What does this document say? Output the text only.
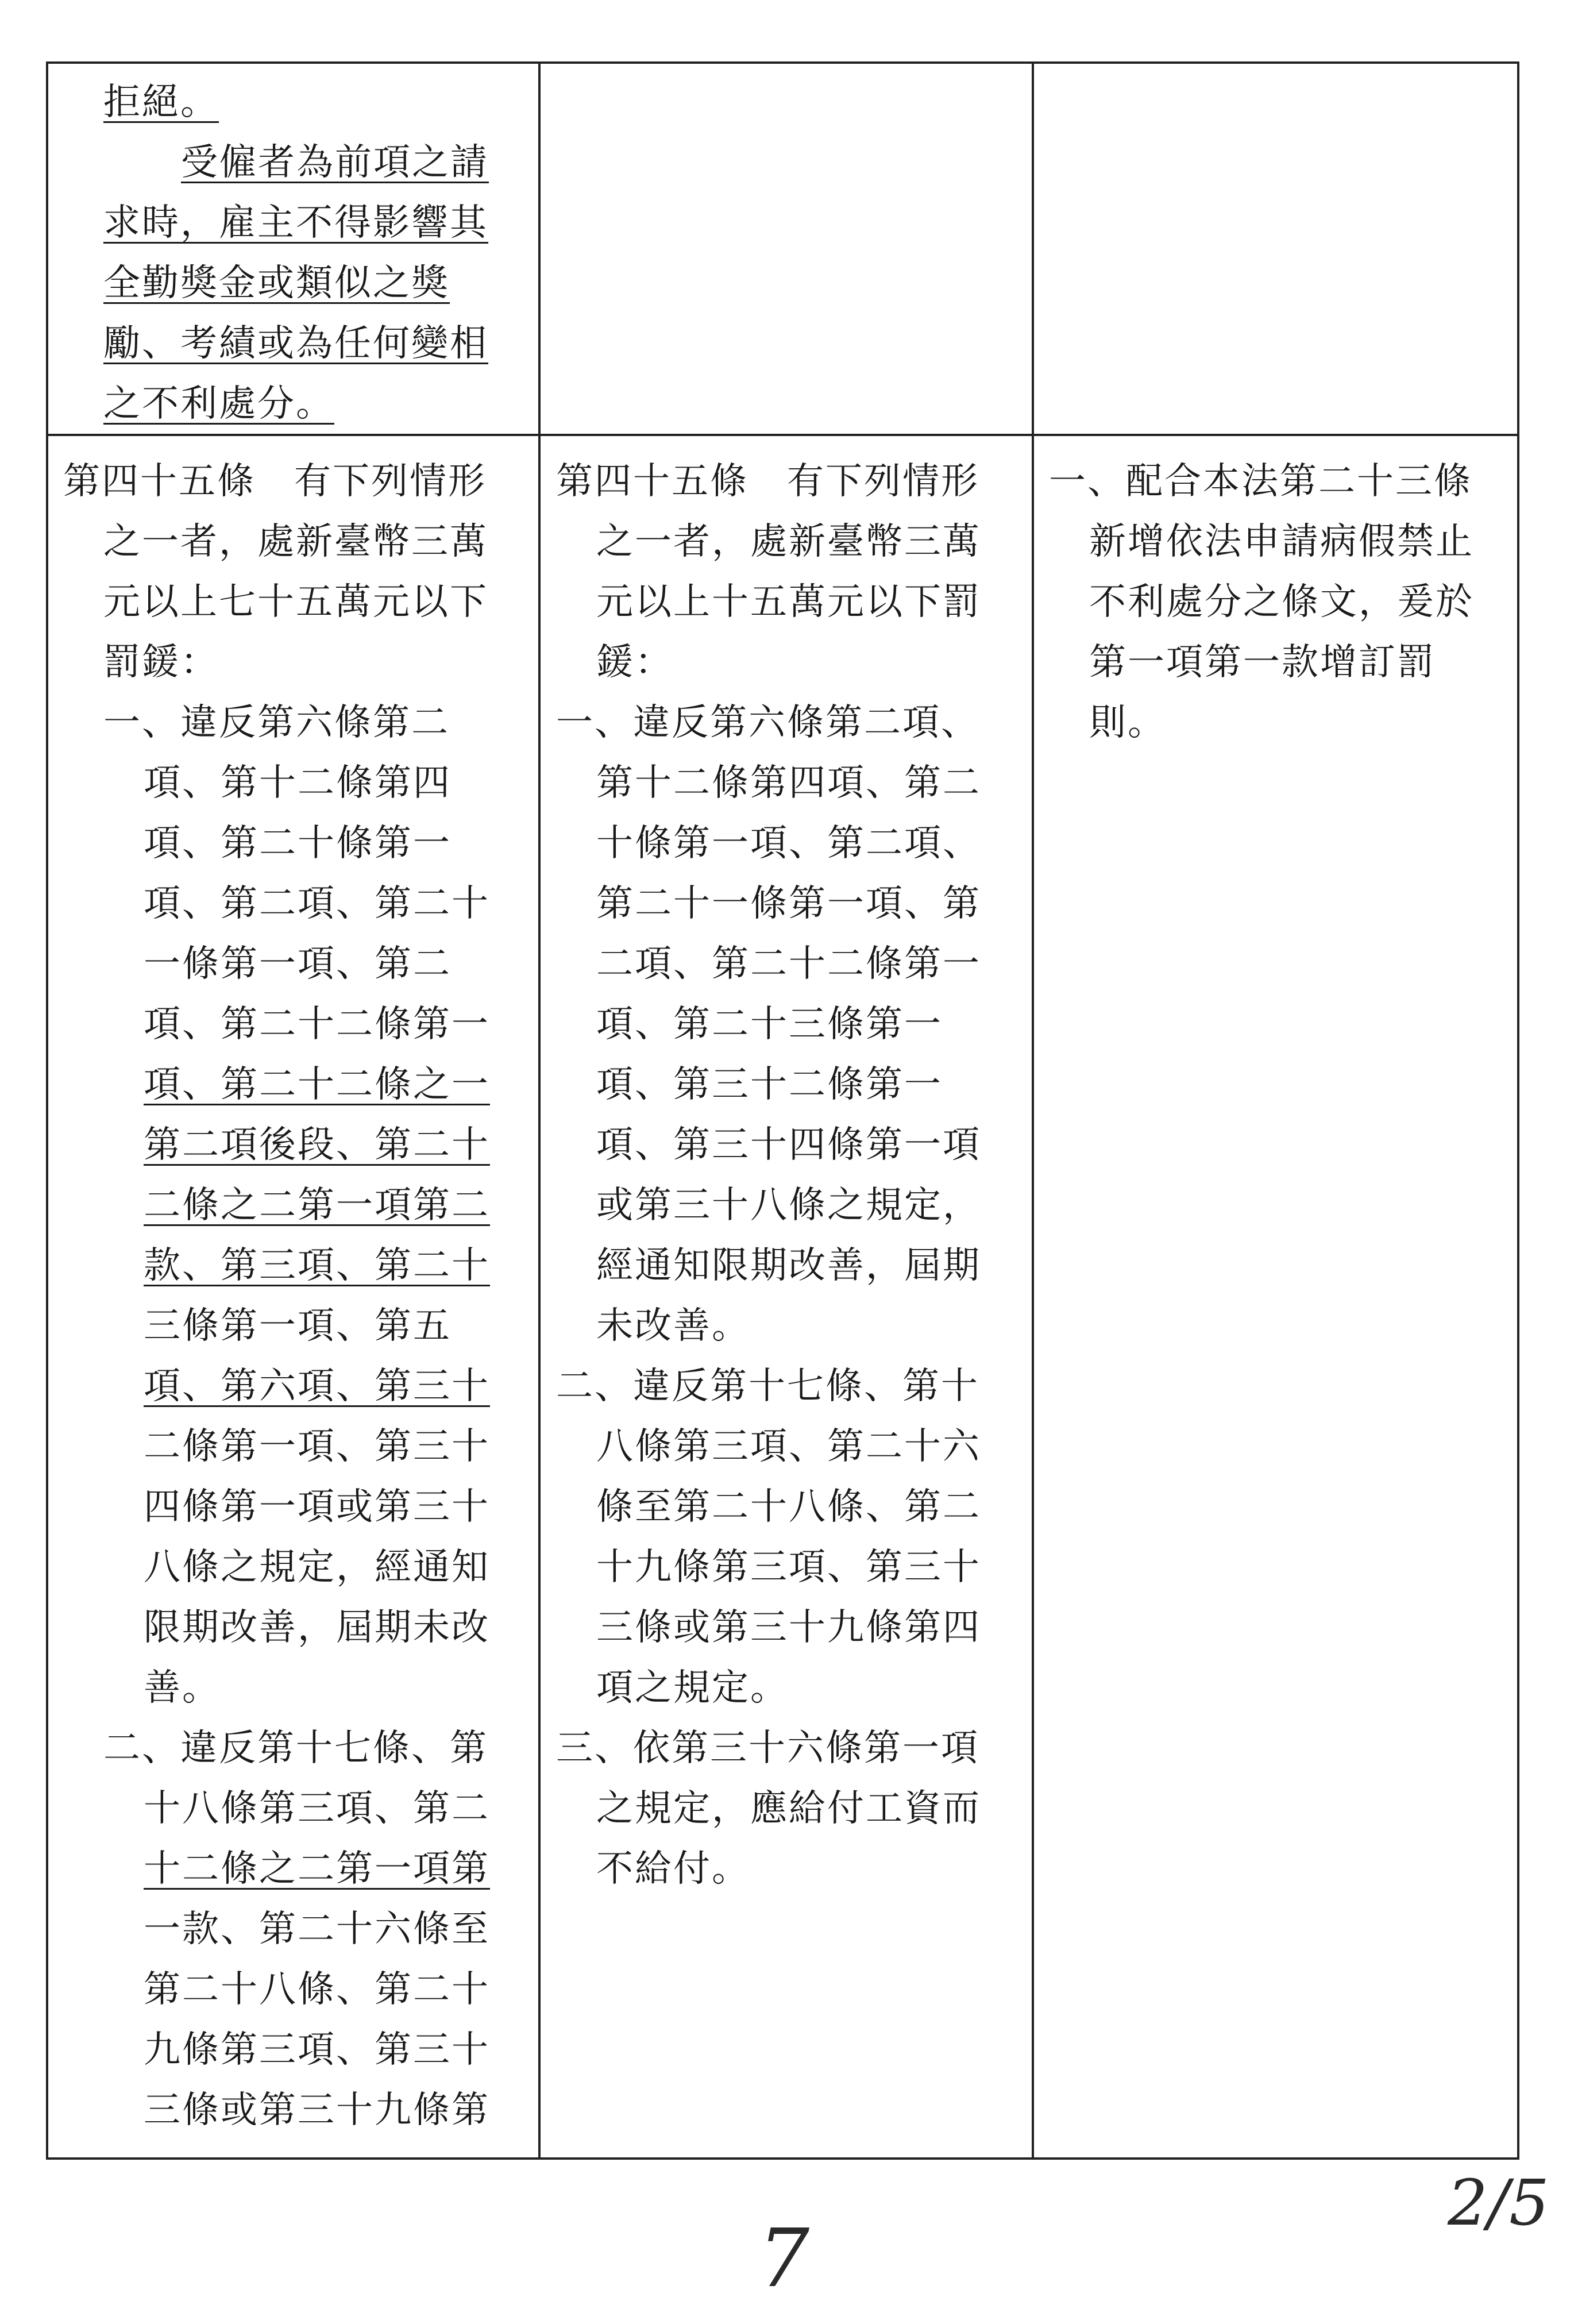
拒絕。
受僱者為前項之請
求時，雇主不得影響其
全勤獎金或類似之獎
勵、考績或為任何變相
之不利處分。
第四十五條　有下列情形
之一者，處新臺幣三萬
元以上七十五萬元以下
罰鍰：
一、違反第六條第二
項、第十二條第四
項、第二十條第一
項、第二項、第二十
一條第一項、第二
項、第二十二條第一
項、第二十二條之一
第二項後段、第二十
二條之二第一項第二
款、第三項、第二十
三條第一項、第五
項、第六項、第三十
二條第一項、第三十
四條第一項或第三十
八條之規定，經通知
限期改善，屆期未改
善。
二、違反第十七條、第
十八條第三項、第二
十二條之二第一項第
一款、第二十六條至
第二十八條、第二十
九條第三項、第三十
三條或第三十九條第
第四十五條　有下列情形
之一者，處新臺幣三萬
元以上十五萬元以下罰
鍰：
一、違反第六條第二項、
第十二條第四項、第二
十條第一項、第二項、
第二十一條第一項、第
二項、第二十二條第一
項、第二十三條第一
項、第三十二條第一
項、第三十四條第一項
或第三十八條之規定，
經通知限期改善，屆期
未改善。
二、違反第十七條、第十
八條第三項、第二十六
條至第二十八條、第二
十九條第三項、第三十
三條或第三十九條第四
項之規定。
三、依第三十六條第一項
之規定，應給付工資而
不給付。
一、配合本法第二十三條
新增依法申請病假禁止
不利處分之條文，爰於
第一項第一款增訂罰
則。
7
2/5
